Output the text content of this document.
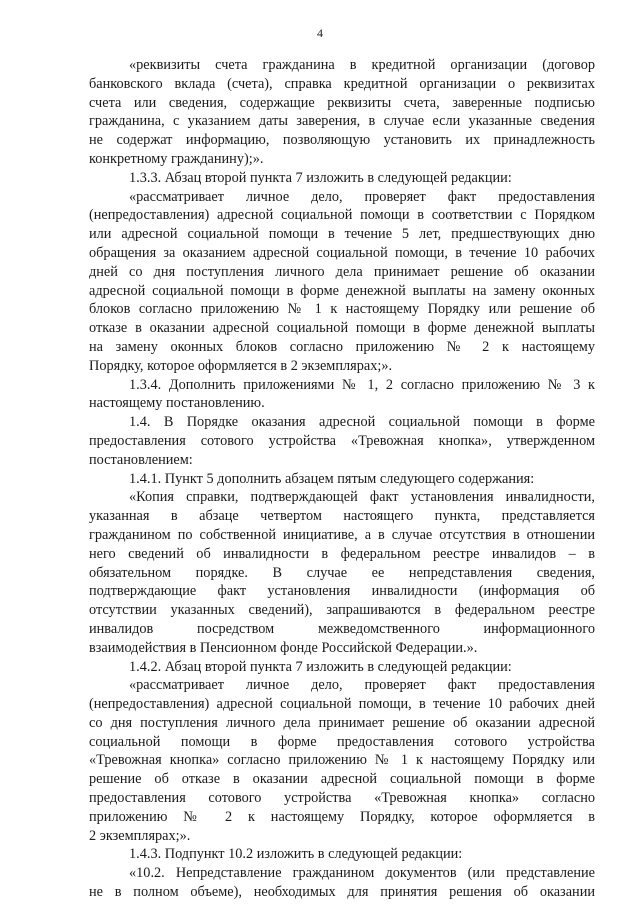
4
«реквизиты счета гражданина в кредитной организации (договор
банковского вклада (счета), справка кредитной организации о реквизитах
счета или сведения, содержащие реквизиты счета, заверенные подписью
гражданина, с указанием даты заверения, в случае если указанные сведения
не содержат информацию, позволяющую установить их принадлежность
конкретному гражданину);».
1.3.3. Абзац второй пункта 7 изложить в следующей редакции:
«рассматривает личное дело, проверяет факт предоставления
(непредоставления) адресной социальной помощи в соответствии с Порядком
или адресной социальной помощи в течение 5 лет, предшествующих дню
обращения за оказанием адресной социальной помощи, в течение 10 рабочих
дней со дня поступления личного дела принимает решение об оказании
адресной социальной помощи в форме денежной выплаты на замену оконных
блоков согласно приложению № 1 к настоящему Порядку или решение об
отказе в оказании адресной социальной помощи в форме денежной выплаты
на замену оконных блоков согласно приложению № 2 к настоящему
Порядку, которое оформляется в 2 экземплярах;».
1.3.4. Дополнить приложениями № 1, 2 согласно приложению № 3 к
настоящему постановлению.
1.4. В Порядке оказания адресной социальной помощи в форме
предоставления сотового устройства «Тревожная кнопка», утвержденном
постановлением:
1.4.1. Пункт 5 дополнить абзацем пятым следующего содержания:
«Копия справки, подтверждающей факт установления инвалидности,
указанная в абзаце четвертом настоящего пункта, представляется
гражданином по собственной инициативе, а в случае отсутствия в отношении
него сведений об инвалидности в федеральном реестре инвалидов – в
обязательном порядке. В случае ее непредставления сведения,
подтверждающие факт установления инвалидности (информация об
отсутствии указанных сведений), запрашиваются в федеральном реестре
инвалидов посредством межведомственного информационного
взаимодействия в Пенсионном фонде Российской Федерации.».
1.4.2. Абзац второй пункта 7 изложить в следующей редакции:
«рассматривает личное дело, проверяет факт предоставления
(непредоставления) адресной социальной помощи, в течение 10 рабочих дней
со дня поступления личного дела принимает решение об оказании адресной
социальной помощи в форме предоставления сотового устройства
«Тревожная кнопка» согласно приложению № 1 к настоящему Порядку или
решение об отказе в оказании адресной социальной помощи в форме
предоставления сотового устройства «Тревожная кнопка» согласно
приложению № 2 к настоящему Порядку, которое оформляется в
2 экземплярах;».
1.4.3. Подпункт 10.2 изложить в следующей редакции:
«10.2. Непредставление гражданином документов (или представление
не в полном объеме), необходимых для принятия решения об оказании
